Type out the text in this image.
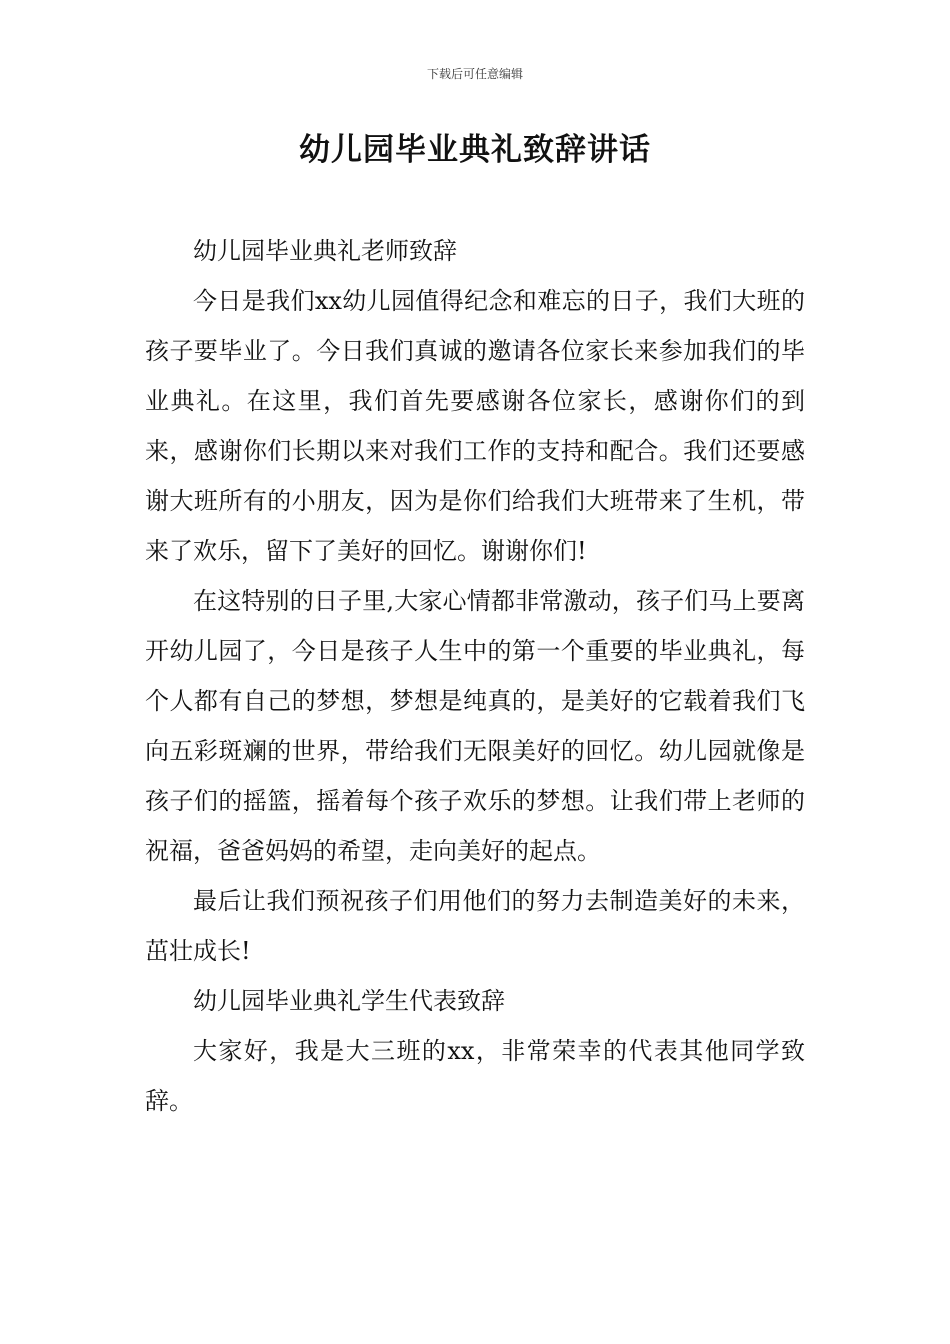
下载后可任意编辑
幼儿园毕业典礼致辞讲话

幼儿园毕业典礼老师致辞

今日是我们xx幼儿园值得纪念和难忘的日子，我们大班的孩子要毕业了。今日我们真诚的邀请各位家长来参加我们的毕业典礼。在这里，我们首先要感谢各位家长，感谢你们的到来，感谢你们长期以来对我们工作的支持和配合。我们还要感谢大班所有的小朋友，因为是你们给我们大班带来了生机，带来了欢乐，留下了美好的回忆。谢谢你们!

在这特别的日子里,大家心情都非常激动，孩子们马上要离开幼儿园了，今日是孩子人生中的第一个重要的毕业典礼，每个人都有自己的梦想，梦想是纯真的，是美好的它载着我们飞向五彩斑斓的世界，带给我们无限美好的回忆。幼儿园就像是孩子们的摇篮，摇着每个孩子欢乐的梦想。让我们带上老师的祝福，爸爸妈妈的希望，走向美好的起点。

最后让我们预祝孩子们用他们的努力去制造美好的未来，茁壮成长!

幼儿园毕业典礼学生代表致辞

大家好，我是大三班的xx，非常荣幸的代表其他同学致辞。
